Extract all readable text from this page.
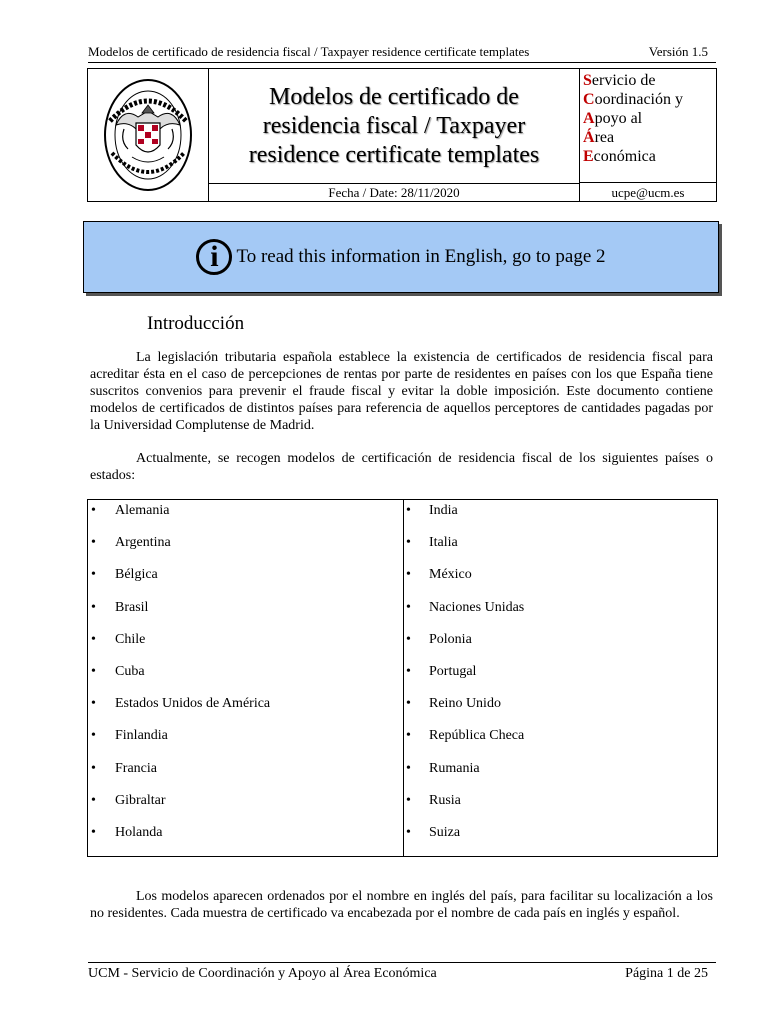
Modelos de certificado de residencia fiscal / Taxpayer residence certificate templates	Versión 1.5
Modelos de certificado de residencia fiscal / Taxpayer residence certificate templates
Servicio de
Coordinación y
Apoyo al
Área
Económica
Fecha / Date: 28/11/2020	ucpe@ucm.es
i To read this information in English, go to page 2
Introducción

La legislación tributaria española establece la existencia de certificados de residencia fiscal para acreditar ésta en el caso de percepciones de rentas por parte de residentes en países con los que España tiene suscritos convenios para prevenir el fraude fiscal y evitar la doble imposición. Este documento contiene modelos de certificados de distintos países para referencia de aquellos perceptores de cantidades pagadas por la Universidad Complutense de Madrid.

Actualmente, se recogen modelos de certificación de residencia fiscal de los siguientes países o estados:

• Alemania
• Argentina
• Bélgica
• Brasil
• Chile
• Cuba
• Estados Unidos de América
• Finlandia
• Francia
• Gibraltar
• Holanda
• India
• Italia
• México
• Naciones Unidas
• Polonia
• Portugal
• Reino Unido
• República Checa
• Rumania
• Rusia
• Suiza

Los modelos aparecen ordenados por el nombre en inglés del país, para facilitar su localización a los no residentes. Cada muestra de certificado va encabezada por el nombre de cada país en inglés y español.

UCM - Servicio de Coordinación y Apoyo al Área Económica	Página 1 de 25
